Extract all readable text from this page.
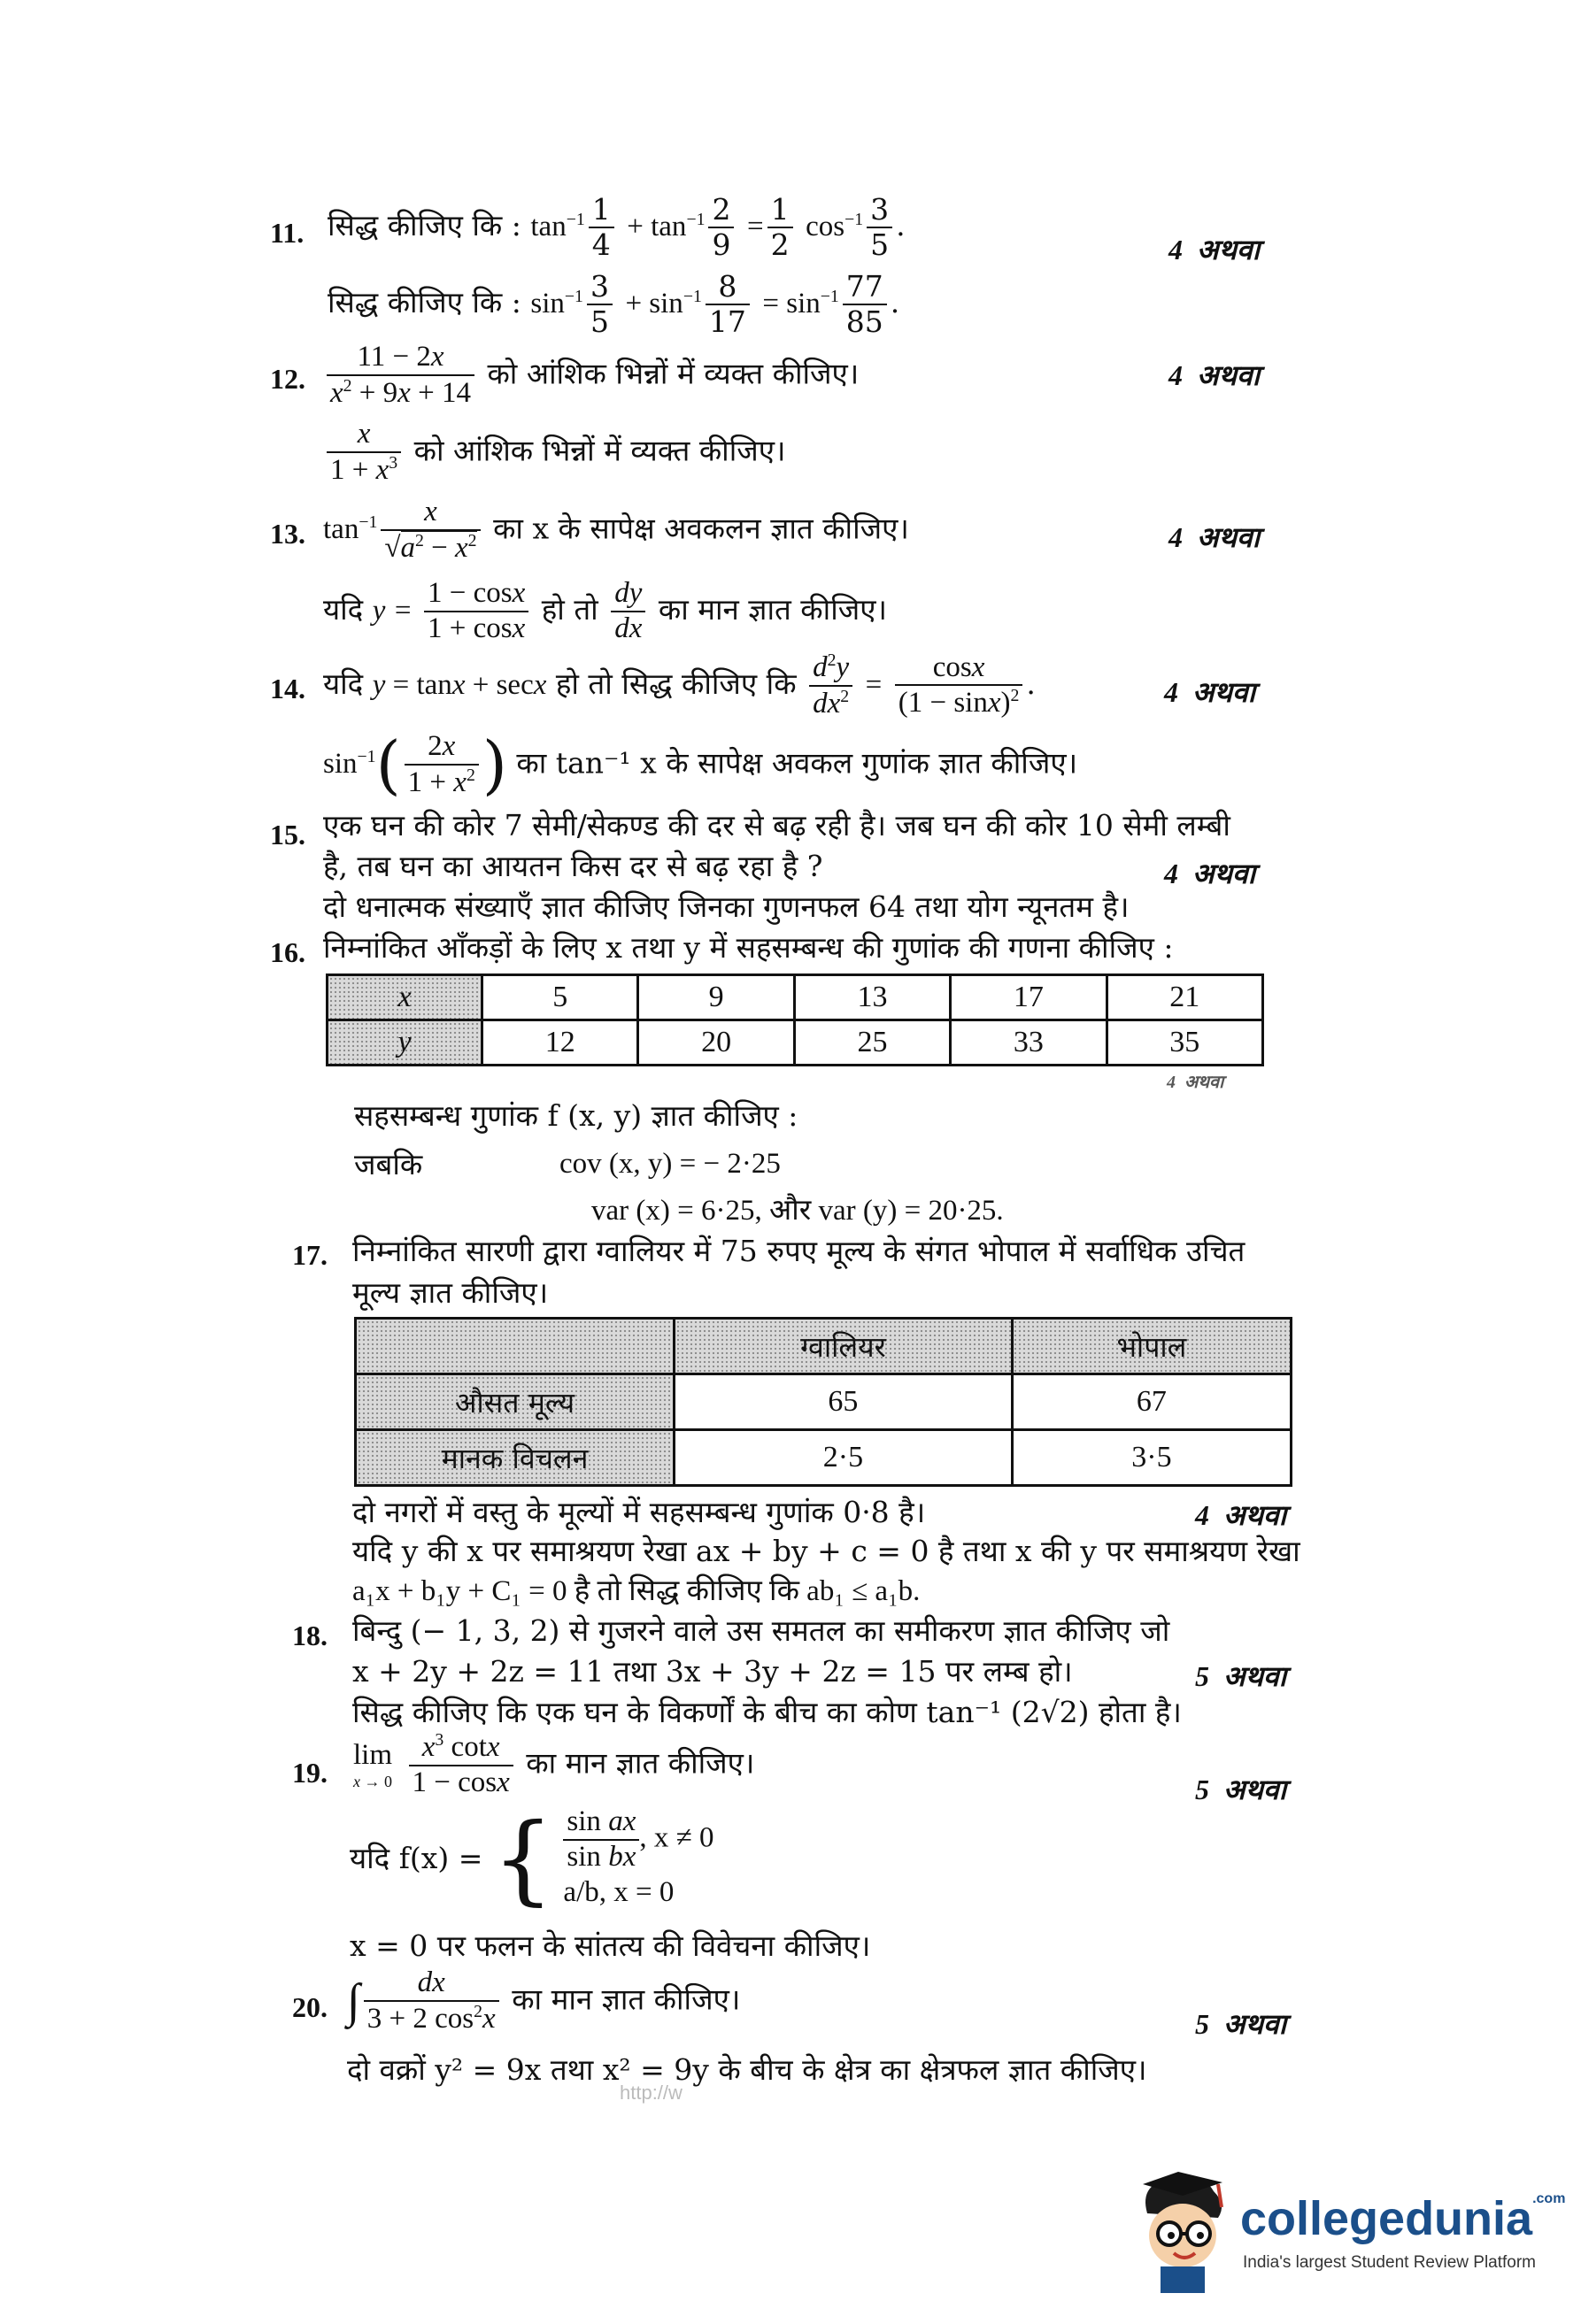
11. सिद्ध कीजिए कि : $\tan^{-1} \frac{1}{4} + \tan^{-1} \frac{2}{9} = \frac{1}{2} \cos^{-1} \frac{3}{5}$ .
4 अथवा
सिद्ध कीजिए कि : $\sin^{-1} \frac{3}{5} + \sin^{-1} \frac{8}{17} = \sin^{-1} \frac{77}{85}$ .
12. $\frac{11 - 2x}{x^2 + 9x + 14}$ को आंशिक भिन्नों में व्यक्त कीजिए।	4 अथवा
$\frac{x}{1 + x^3}$ को आंशिक भिन्नों में व्यक्त कीजिए।
13. $\tan^{-1} \frac{x}{√a^2 - x^2}$ का x के सापेक्ष अवकलन ज्ञात कीजिए।	4 अथवा
यदि $y = \frac{1 - \cos x}{1 + \cos x}$ हो तो $\frac{dy}{dx}$ का मान ज्ञात कीजिए।
14. यदि y = tanx + secx हो तो सिद्ध कीजिए कि $\frac{d^2y}{dx^2} = \frac{\cos x}{(1 - \sin x)^2}$ .	4 अथवा
$\sin^{-1}( \frac{2x}{1 + x^2}$ ) का tan⁻¹ x के सापेक्ष अवकल गुणांक ज्ञात कीजिए।
15. एक घन की कोर 7 सेमी/सेकण्ड की दर से बढ़ रही है। जब घन की कोर 10 सेमी लम्बी
है, तब घन का आयतन किस दर से बढ़ रहा है ?	4 अथवा
दो धनात्मक संख्याएँ ज्ञात कीजिए जिनका गुणनफल 64 तथा योग न्यूनतम है।
16. निम्नांकित आँकड़ों के लिए x तथा y में सहसम्बन्ध की गुणांक की गणना कीजिए :
x	5	9	13	17	21
y	12	20	25	33	35
4 अथवा
सहसम्बन्ध गुणांक f (x, y) ज्ञात कीजिए :
जबकि	cov (x, y) = − 2·25
var (x) = 6·25, और var (y) = 20·25.
17. निम्नांकित सारणी द्वारा ग्वालियर में 75 रुपए मूल्य के संगत भोपाल में सर्वाधिक उचित
मूल्य ज्ञात कीजिए।
	ग्वालियर	भोपाल
औसत मूल्य	65	67
मानक विचलन	2·5	3·5
दो नगरों में वस्तु के मूल्यों में सहसम्बन्ध गुणांक 0·8 है।	4 अथवा
यदि y की x पर समाश्रयण रेखा ax + by + c = 0 है तथा x की y पर समाश्रयण रेखा
a₁x + b₁y + C₁ = 0 है तो सिद्ध कीजिए कि ab₁ ≤ a₁b.
18. बिन्दु (− 1, 3, 2) से गुजरने वाले उस समतल का समीकरण ज्ञात कीजिए जो
x + 2y + 2z = 11 तथा 3x + 3y + 2z = 15 पर लम्ब हो।	5 अथवा
सिद्ध कीजिए कि एक घन के विकर्णों के बीच का कोण tan⁻¹ (2√2) होता है।
19.
lim
x → 0
$\frac{x^3 \cot x}{1 - \cos x}$ का मान ज्ञात कीजिए।
5 अथवा
यदि f(x) = { $\frac{\text{sin ax}}{\text{sin bx}}$ , x ≠ 0
a/b, x = 0
x = 0 पर फलन के सांतत्य की विवेचना कीजिए।
20. ∫ $\frac{dx}{3 + 2 \cos^2x}$ का मान ज्ञात कीजिए।
5 अथवा
दो वक्रों y² = 9x तथा x² = 9y के बीच के क्षेत्र का क्षेत्रफल ज्ञात कीजिए।
http://w
collegedunia$^{.com}$
India's largest Student Review Platform
